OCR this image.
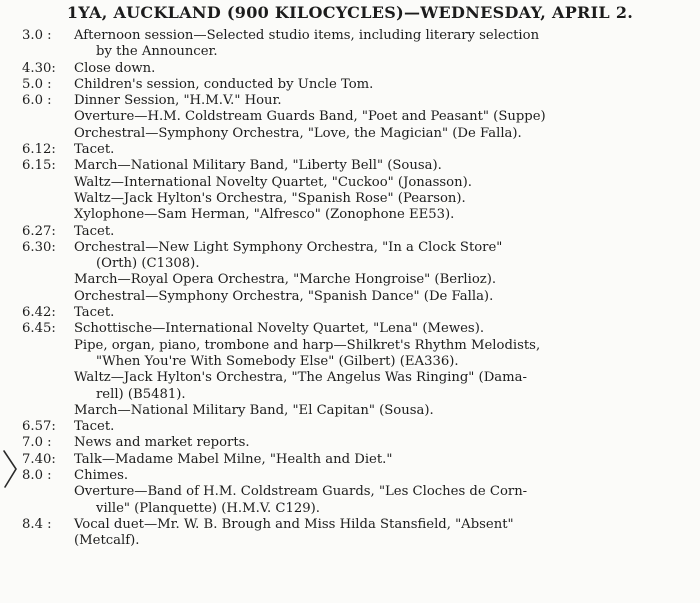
1YA, AUCKLAND (900 KILOCYCLES)—WEDNESDAY, APRIL 2.
3.0 :	Afternoon session—Selected studio items, including literary selection
by the Announcer.
4.30:	Close down.
5.0 :	Children's session, conducted by Uncle Tom.
6.0 :	Dinner Session, "H.M.V." Hour.
Overture—H.M. Coldstream Guards Band, "Poet and Peasant" (Suppe)
Orchestral—Symphony Orchestra, "Love, the Magician" (De Falla).
6.12:	Tacet.
6.15:	March—National Military Band, "Liberty Bell" (Sousa).
Waltz—International Novelty Quartet, "Cuckoo" (Jonasson).
Waltz—Jack Hylton's Orchestra, "Spanish Rose" (Pearson).
Xylophone—Sam Herman, "Alfresco" (Zonophone EE53).
6.27:	Tacet.
6.30:	Orchestral—New Light Symphony Orchestra, "In a Clock Store"
(Orth) (C1308).
March—Royal Opera Orchestra, "Marche Hongroise" (Berlioz).
Orchestral—Symphony Orchestra, "Spanish Dance" (De Falla).
6.42:	Tacet.
6.45:	Schottische—International Novelty Quartet, "Lena" (Mewes).
Pipe, organ, piano, trombone and harp—Shilkret's Rhythm Melodists,
"When You're With Somebody Else" (Gilbert) (EA336).
Waltz—Jack Hylton's Orchestra, "The Angelus Was Ringing" (Dama-
rell) (B5481).
March—National Military Band, "El Capitan" (Sousa).
6.57:	Tacet.
7.0 :	News and market reports.
7.40:	Talk—Madame Mabel Milne, "Health and Diet."
8.0 :	Chimes.
Overture—Band of H.M. Coldstream Guards, "Les Cloches de Corn-
ville" (Planquette) (H.M.V. C129).
8.4 :	Vocal duet—Mr. W. B. Brough and Miss Hilda Stansfield, "Absent"
(Metcalf).
